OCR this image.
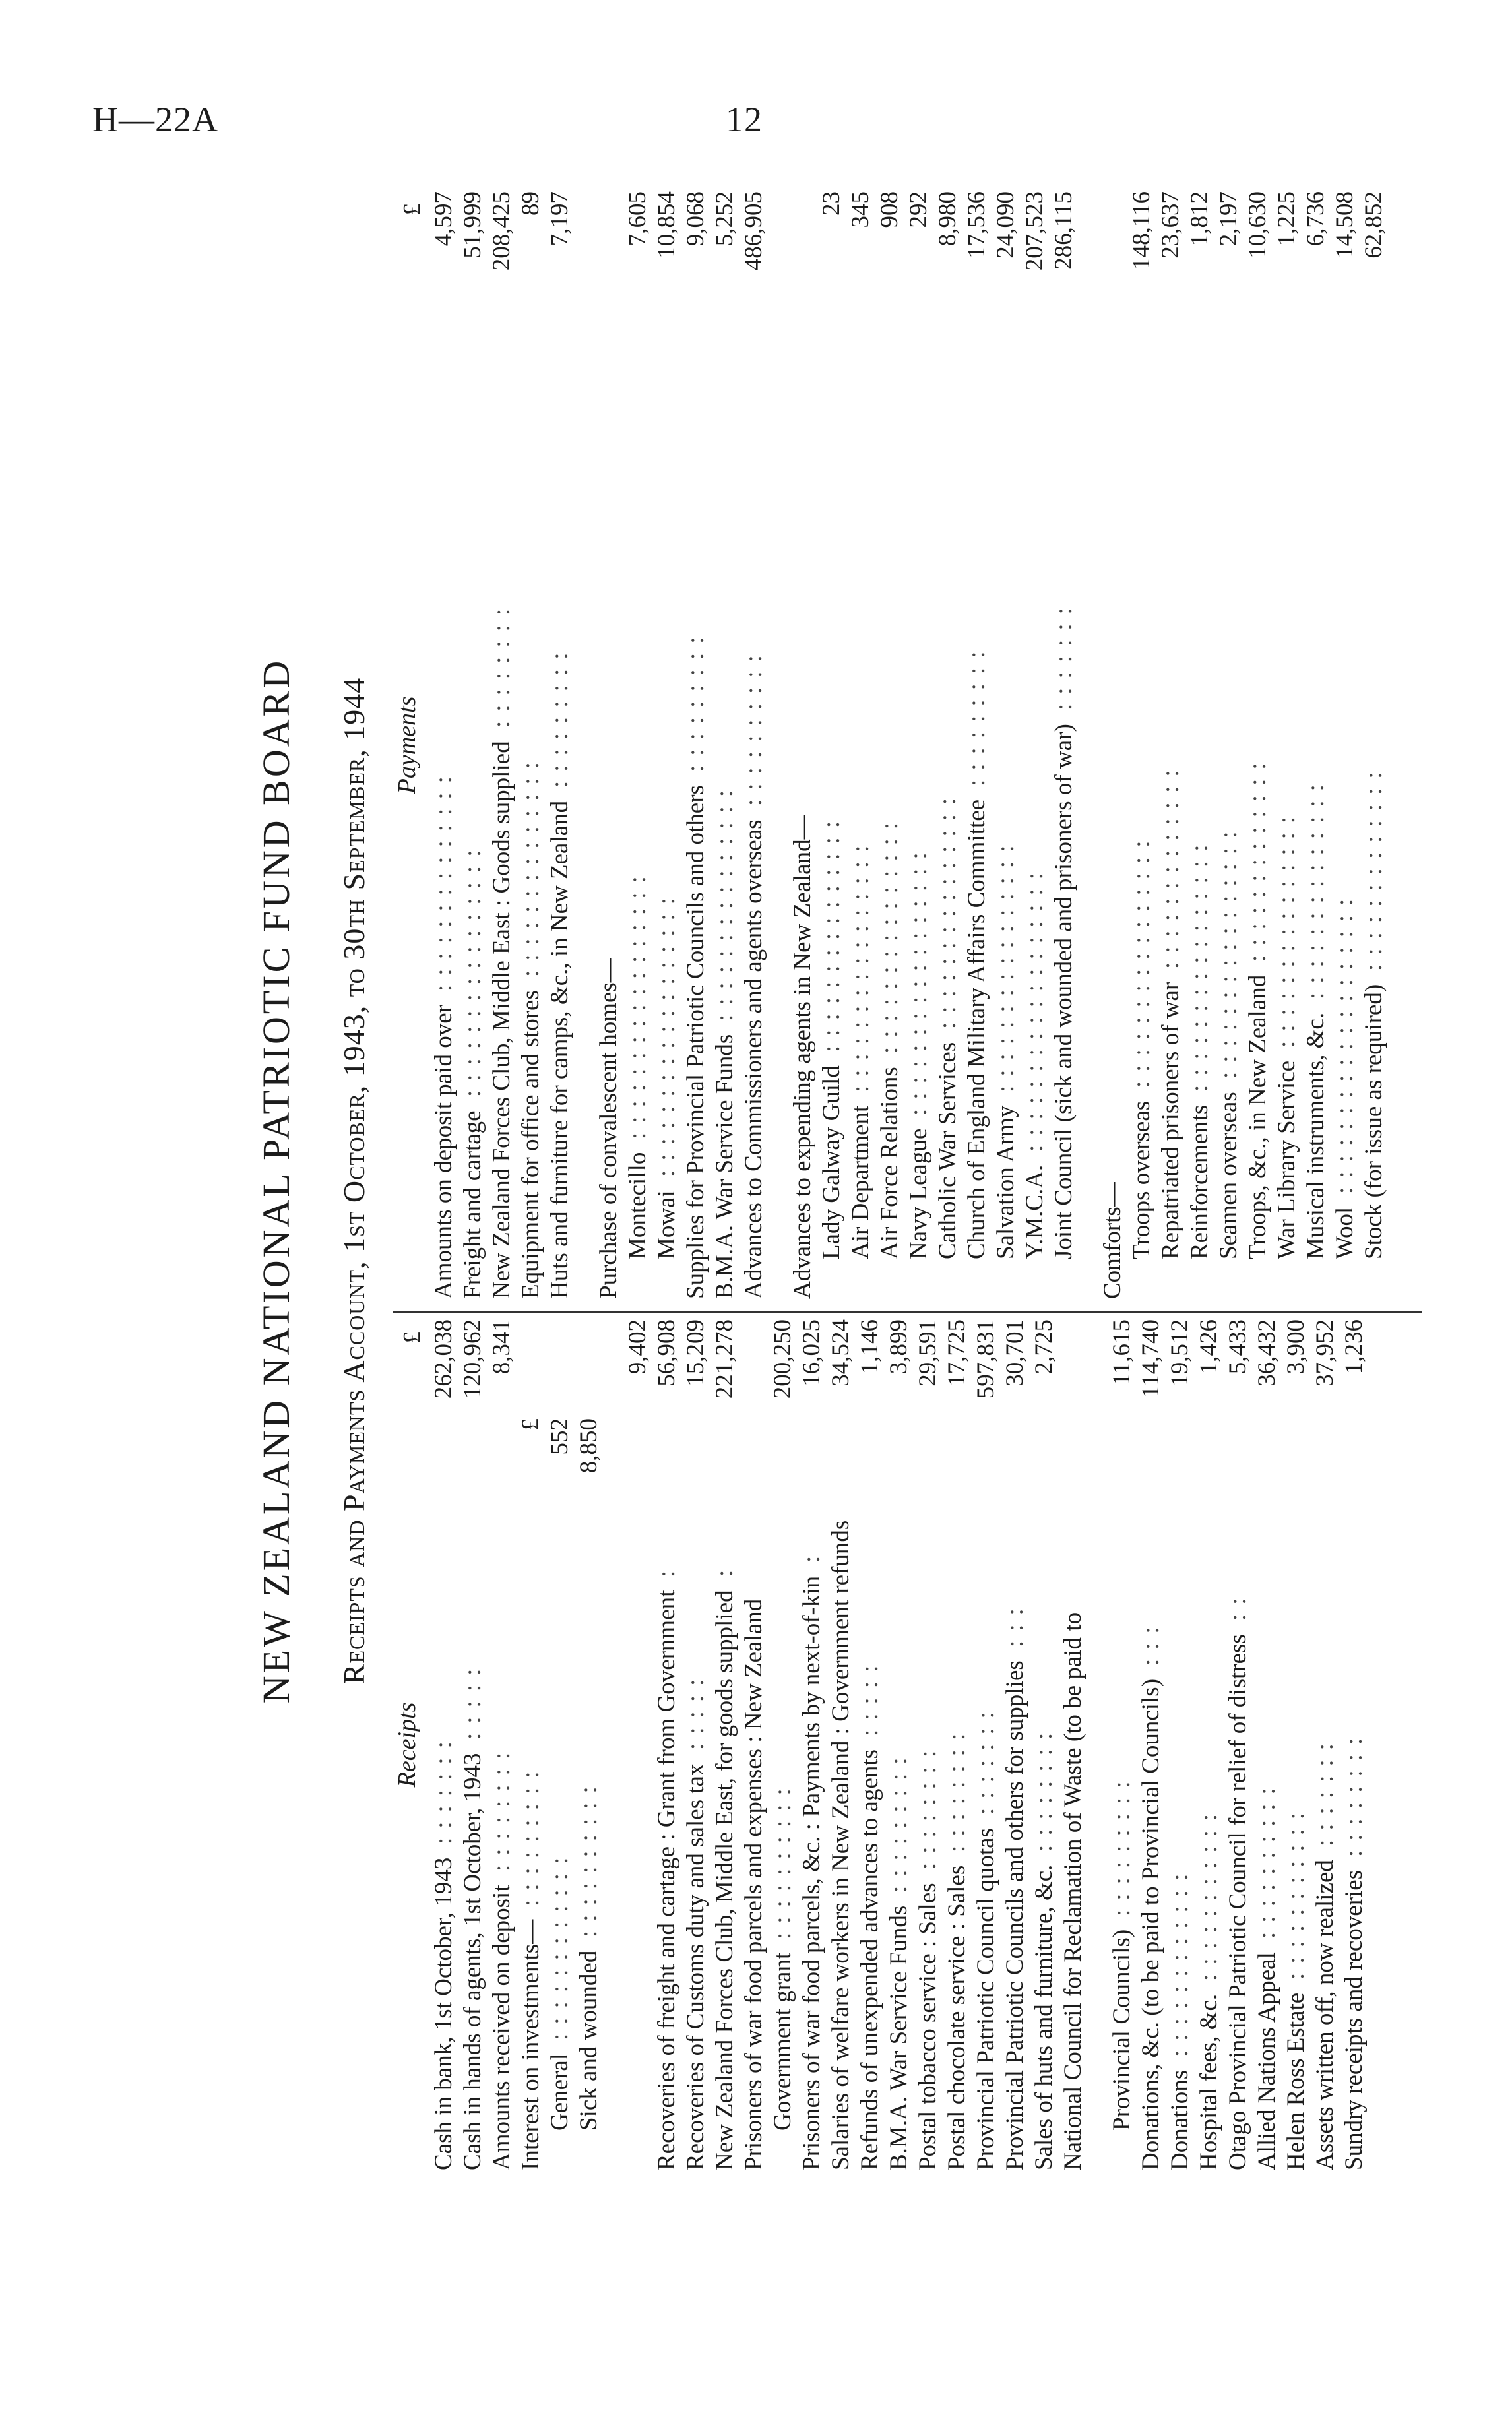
H—22A	12
NEW ZEALAND NATIONAL PATRIOTIC FUND BOARD Receipts and Payments Account, 1st October, 1943, to 30th September, 1944
Receipts
£
Cash in bank, 1st October, 1943
262,038
::::::: Cash in hands of agents, 1st October, 1943
120,962
:::::
Amounts received on deposit
8,341
::::::::
Interest on investments—
£
:::::::::
General
552
::::::::::::
Sick and wounded
8,850
::::::::::
9,402
Recoveries of freight and cartage : Grant from Government
56,908
:
Recoveries of Customs duty and sales tax
15,209
::::: New Zealand Forces Club, Middle East, for goods supplied
221,278
:
Prisoners of war food parcels and expenses : New Zealand Government grant
200,250
:::::::::: Prisoners of war food parcels, &c. : Payments by next-of-kin
16,025
: Salaries of welfare workers in New Zealand : Government refunds
34,524
Refunds of unexpended advances to agents
1,146
:::::
B.M.A. War Service Funds
3,899
:::::::::
Postal tobacco service : Sales
29,591
::::::::
Postal chocolate service : Sales
17,725
::::::::
Provincial Patriotic Council quotas
597,831
::::::: Provincial Patriotic Councils and others for supplies
30,701
:::
Sales of huts and furniture, &c.
2,725
:::::::: National Council for Reclamation of Waste (to be paid to Provincial Councils)
11,615
::::::::: Donations, &c. (to be paid to Provincial Councils)
114,740
:::
Donations
19,512
::::::::::::
Hospital fees, &c.
1,426
::::::::::: Otago Provincial Patriotic Council for relief of distress
5,433
::
Allied Nations Appeal
36,432
::::::::::
Helen Ross Estate
3,900
::::::::::: Assets written off, now realized
37,952
:::::::
Sundry receipts and recoveries
1,236
::::::::
Payments
£
Amounts on deposit paid over
4,597
::::::::::::::
Freight and cartage
51,999
:::::::::::::::: New Zealand Forces Club, Middle East : Goods supplied
208,425
::::::::
Equipment for office and stores
89
:::::::::::::: Huts and furniture for camps, &c., in New Zealand
7,197
:::::::::
Purchase of convalescent homes— Montecillo
7,605
:::::::::::::::::
Mowai
10,854
:::::::::::::::::: Supplies for Provincial Patriotic Councils and others
9,068
:::::::::
B.M.A. War Service Funds
5,252
::::::::::::::: Advances to Commissioners and agents overseas
486,905
::::::::::
Advances to expending agents in New Zealand— Lady Galway Guild
23
:::::::::::::::
Air Department
345
::::::::::::::::
Air Force Relations
908
:::::::::::::::
Navy League
292
:::::::::::::::::
Catholic War Services
8,980
::::::::::::::: Church of England Military Affairs Committee
17,536
:::::::::
Salvation Army
24,090
::::::::::::::::
Y.M.C.A.
207,523
:::::::::::::::::: Joint Council (sick and wounded and prisoners of war)
286,115
:::::::
Comforts— Troops overseas
148,116
::::::::::::::::
Repatriated prisoners of war
23,637
:::::::::::::
Reinforcements
1,812
::::::::::::::::
Seamen overseas
2,197
::::::::::::::::
Troops, &c., in New Zealand
10,630
:::::::::::::
War Library Service
1,225
:::::::::::::::
Musical instruments, &c.
6,736
::::::::::::::
Wool
14,508
::::::::::::::::::: Stock (for issue as required)
62,852
:::::::::::::
